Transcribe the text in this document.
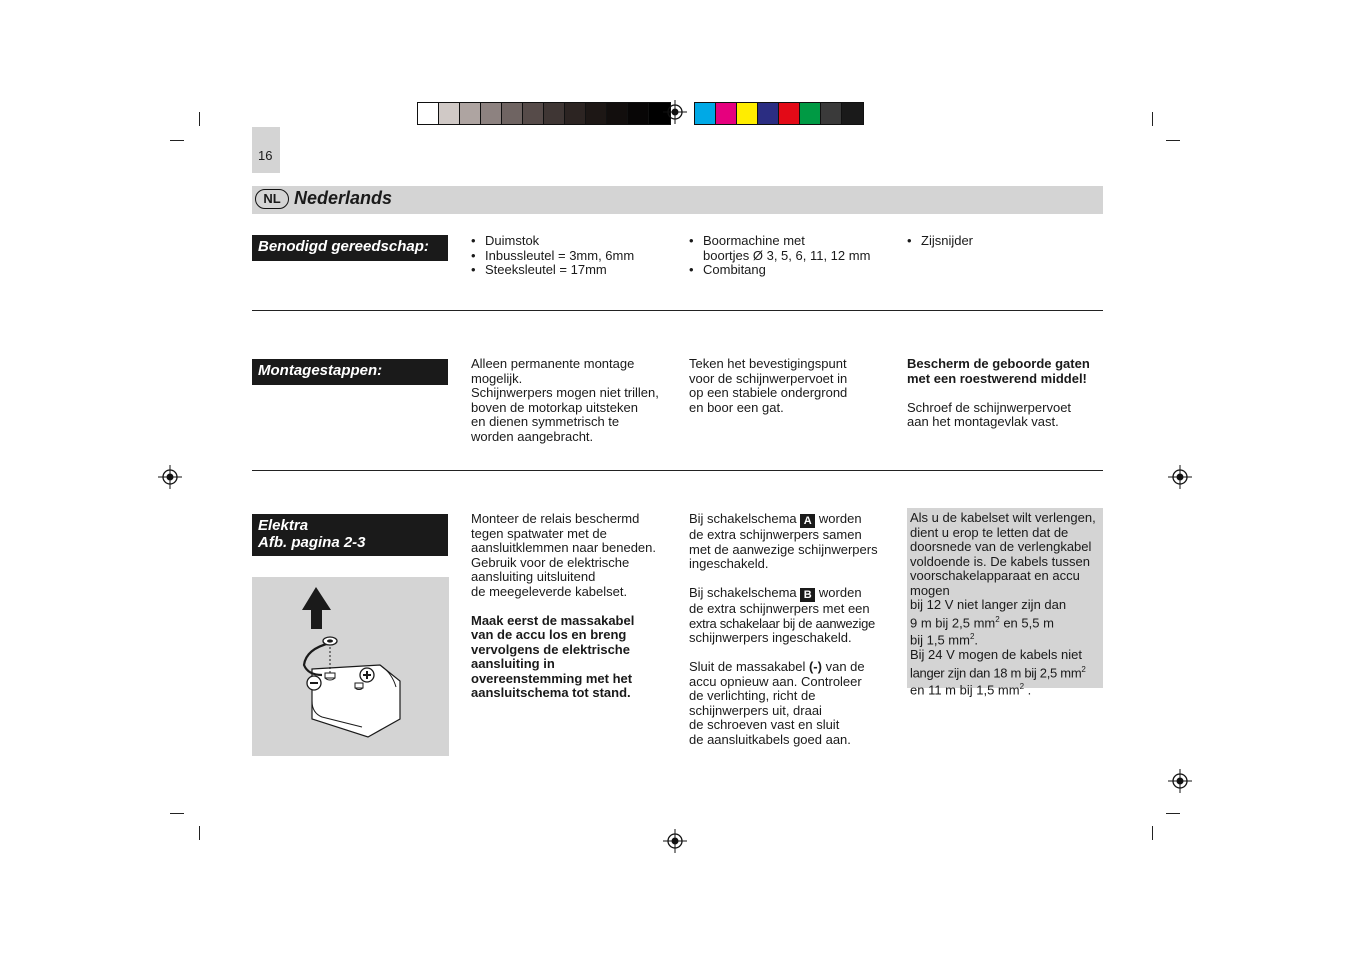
16
NL Nederlands
Benodigd gereedschap:
•	Duimstok
• Inbussleutel = 3mm, 6mm
• Steeksleutel = 17mm
• Boormachine met
boortjes Ø 3, 5, 6, 11, 12 mm
• Combitang
• Zijsnijder
Montagestappen:	Alleen permanente montage

mogelijk.

Schijnwerpers mogen niet trillen,

boven de motorkap uitsteken

en dienen symmetrisch te

worden aangebracht.

Teken het bevestigingspunt

voor de schijnwerpervoet in

op een stabiele ondergrond

en boor een gat.

Bescherm de geboorde gaten

met een roestwerend middel!

Schroef de schijnwerpervoet

aan het montagevlak vast.

Elektra
Afb. pagina 2-3

Monteer de relais beschermd

tegen spatwater met de

aansluitklemmen naar beneden.

Gebruik voor de elektrische

aansluiting uitsluitend

de meegeleverde kabelset.

Maak eerst de massakabel

van de accu los en breng

vervolgens de elektrische

aansluiting in

overeenstemming met het

aansluitschema tot stand.

Bij schakelschema A worden

de extra schijnwerpers samen

met de aanwezige schijnwerpers

ingeschakeld.

Bij schakelschema B worden

de extra schijnwerpers met een

extra schakelaar bij de aanwezige

schijnwerpers ingeschakeld.

Sluit de massakabel (-) van de

accu opnieuw aan. Controleer

de verlichting, richt de

schijnwerpers uit, draai

de schroeven vast en sluit

de aansluitkabels goed aan.

Als u de kabelset wilt verlengen,
dient u erop te letten dat de
doorsnede van de verlengkabel
voldoende is. De kabels tussen
voorschakelapparaat en accu
mogen
bij 12 V niet langer zijn dan
9 m bij 2,5 $mm^2$ en 5,5 m
bij 1,5 $mm^2$.
Bij 24 V mogen de kabels niet
langer zijn dan 18 m bij 2,5 $mm^2$
en 11 m bij 1,5 $mm^2$ .
